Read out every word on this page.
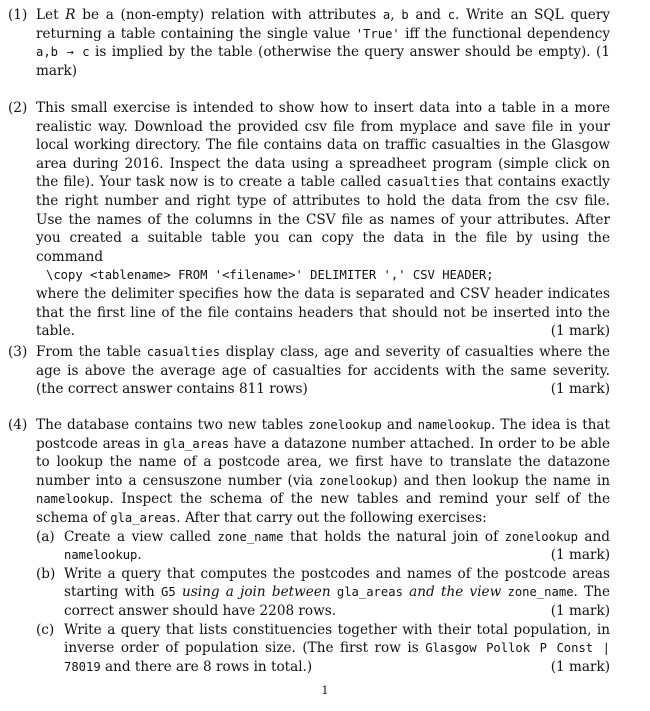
(1) Let R be a (non-empty) relation with attributes a, b and c. Write an SQL query returning a table containing the single value 'True' iff the functional dependency a,b → c is implied by the table (otherwise the query answer should be empty). (1 mark)
(2) This small exercise is intended to show how to insert data into a table in a more realistic way. Download the provided csv file from myplace and save file in your local working directory. The file contains data on traffic casualties in the Glasgow area during 2016. Inspect the data using a spreadheet program (simple click on the file). Your task now is to create a table called casualties that contains exactly the right number and right type of attributes to hold the data from the csv file. Use the names of the columns in the CSV file as names of your attributes. After you created a suitable table you can copy the data in the file by using the command
\copy <tablename> FROM '<filename>' DELIMITER ',' CSV HEADER;
where the delimiter specifies how the data is separated and CSV header indicates that the first line of the file contains headers that should not be inserted into the table.	(1 mark)
(3) From the table casualties display class, age and severity of casualties where the age is above the average age of casualties for accidents with the same severity. (the correct answer contains 811 rows)	(1 mark)
(4) The database contains two new tables zonelookup and namelookup. The idea is that postcode areas in gla_areas have a datazone number attached. In order to be able to lookup the name of a postcode area, we first have to translate the datazone number into a censuszone number (via zonelookup) and then lookup the name in namelookup. Inspect the schema of the new tables and remind your self of the schema of gla_areas. After that carry out the following exercises:
(a) Create a view called zone_name that holds the natural join of zonelookup and namelookup.	(1 mark)
(b) Write a query that computes the postcodes and names of the postcode areas starting with G5 using a join between gla_areas and the view zone_name. The correct answer should have 2208 rows.	(1 mark)
(c) Write a query that lists constituencies together with their total population, in inverse order of population size. (The first row is Glasgow Pollok P Const | 78019 and there are 8 rows in total.)	(1 mark)
1
